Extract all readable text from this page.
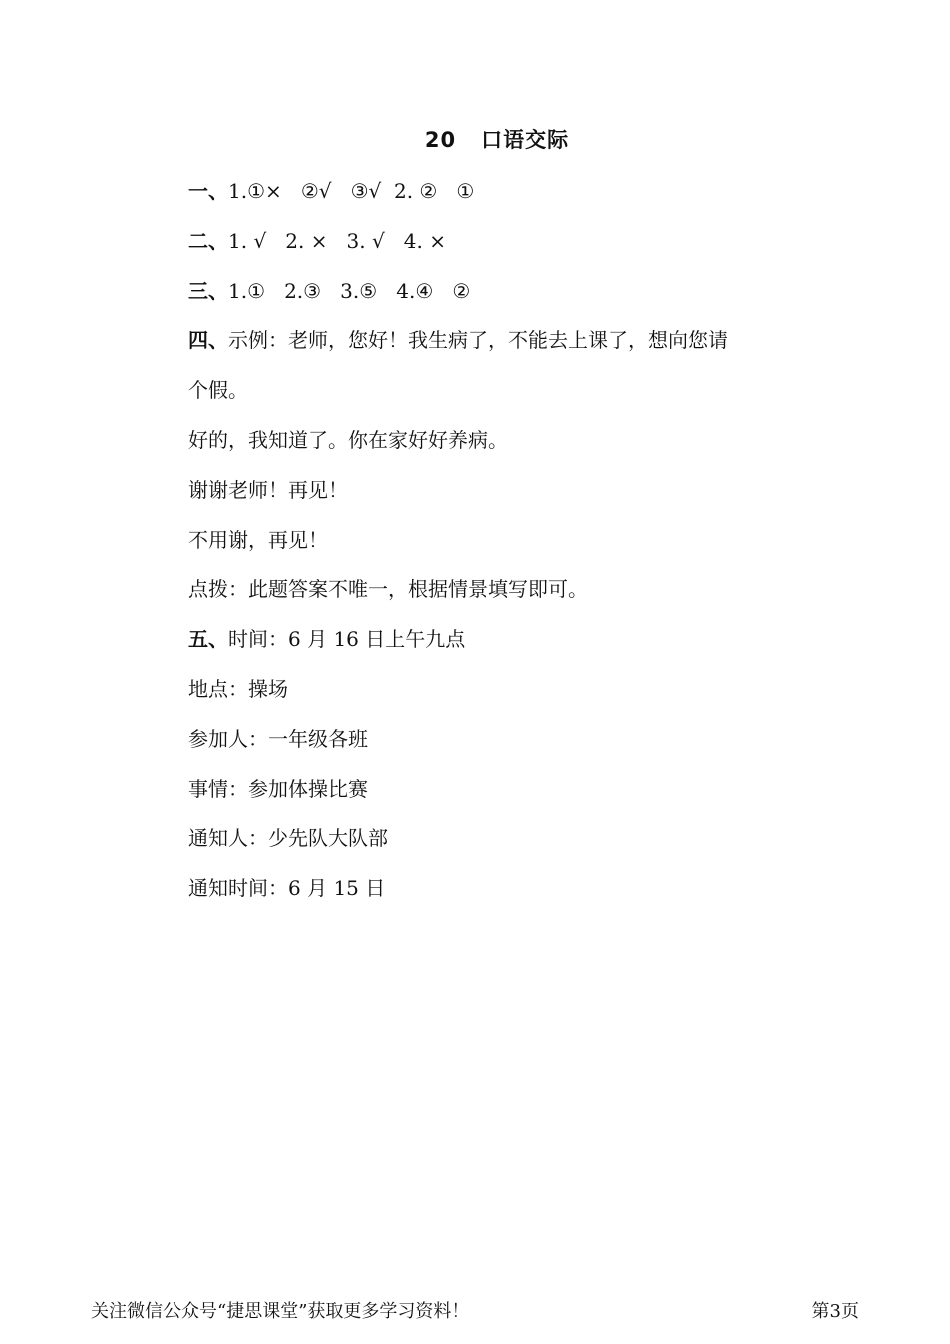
20   口语交际
一、1.①×   ②√   ③√  2. ②   ①
二、1. √   2. ×   3. √   4. ×
三、1.①   2.③   3.⑤   4.④   ②
四、示例：老师，您好！我生病了，不能去上课了，想向您请
个假。
好的，我知道了。你在家好好养病。
谢谢老师！再见！
不用谢，再见！
点拨：此题答案不唯一，根据情景填写即可。
五、时间：6 月 16 日上午九点
地点：操场
参加人：一年级各班
事情：参加体操比赛
通知人：少先队大队部
通知时间：6 月 15 日
关注微信公众号“捷思课堂”获取更多学习资料！	第3页
